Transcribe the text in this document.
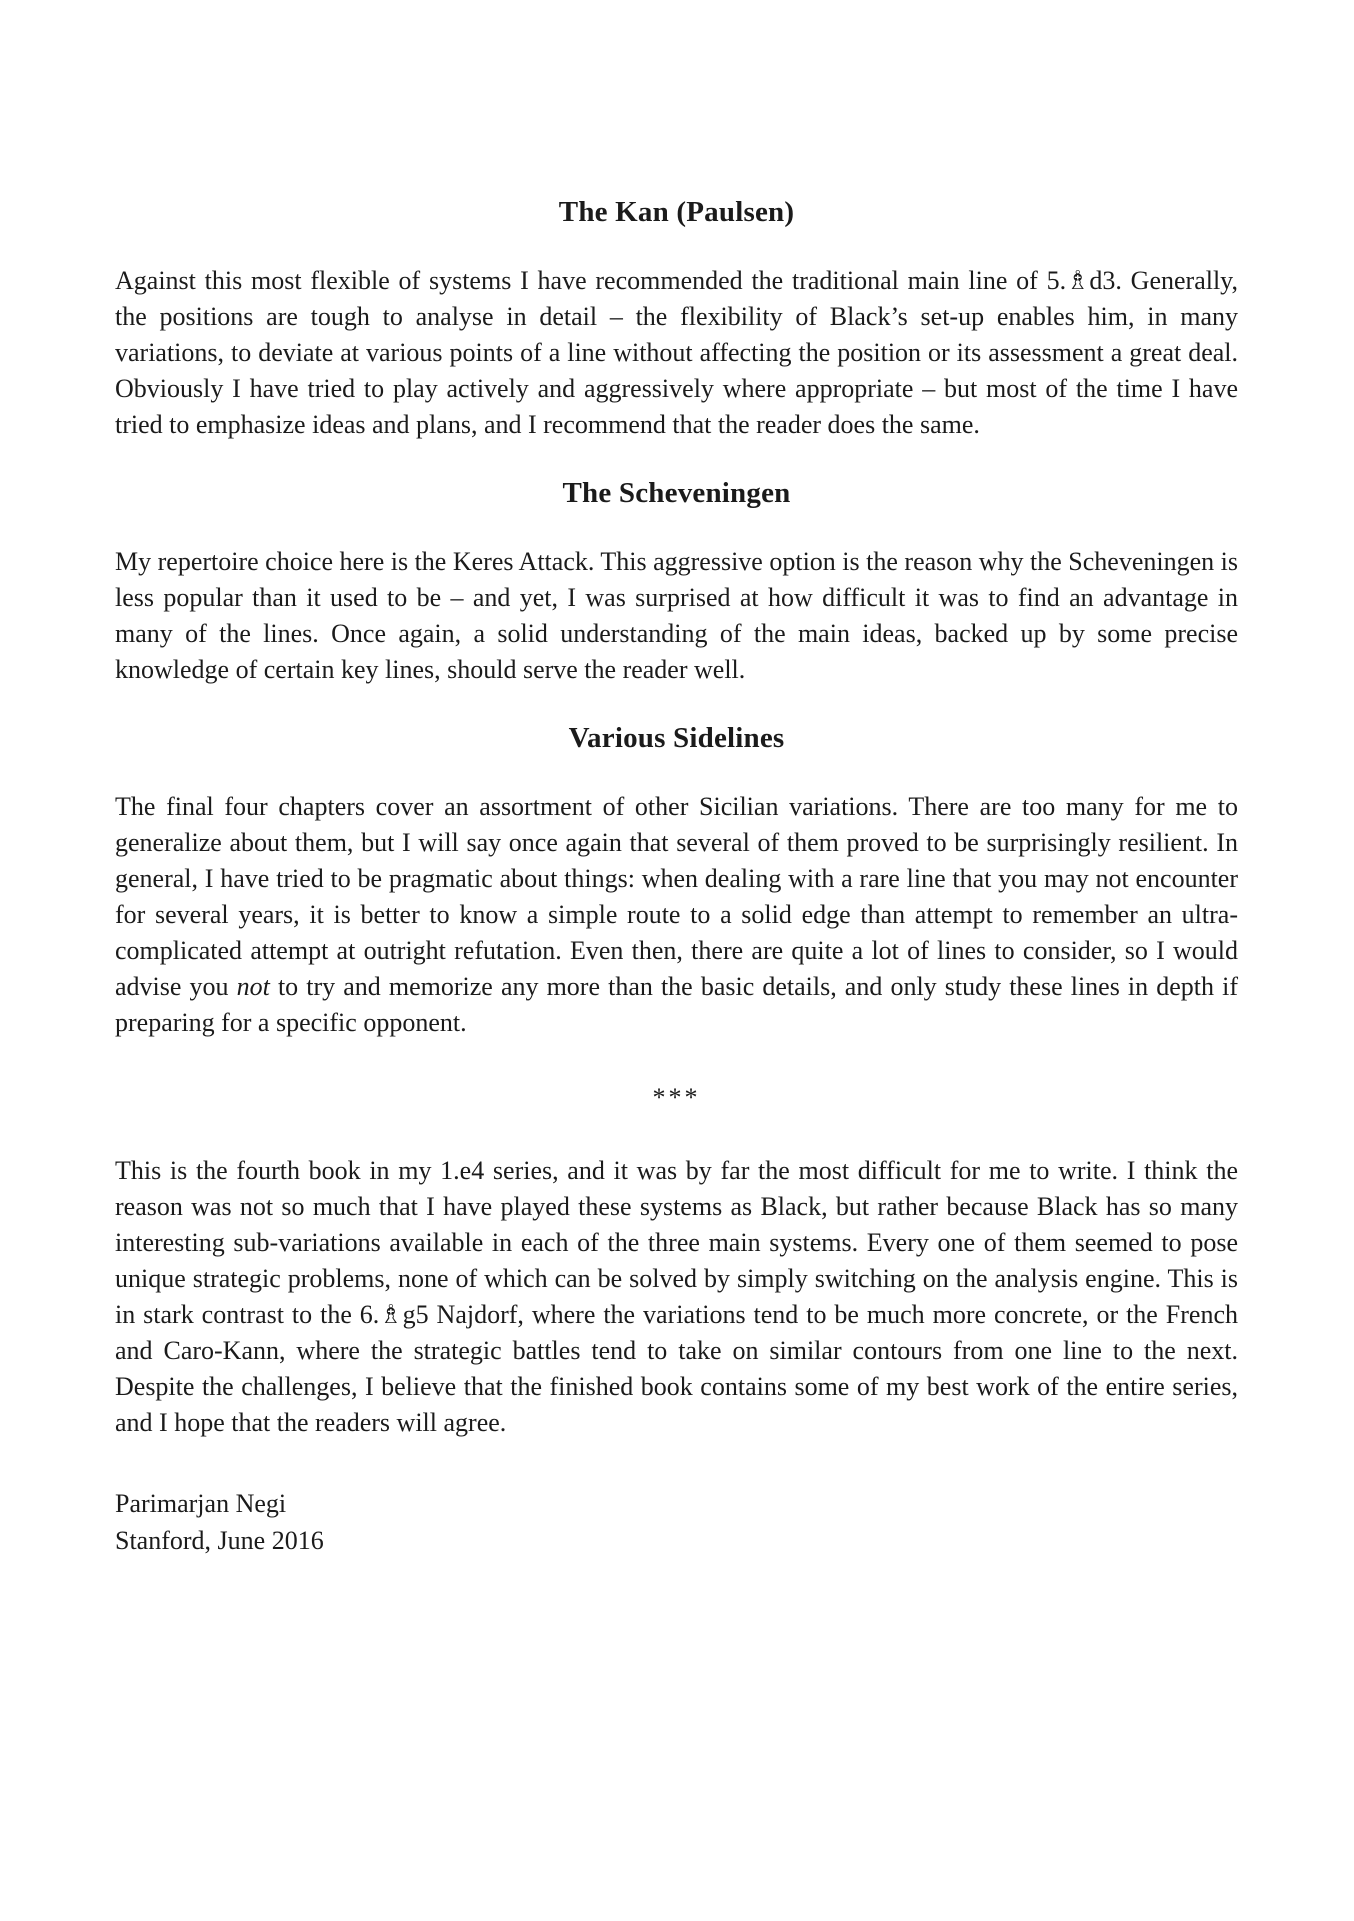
The Kan (Paulsen)

Against this most flexible of systems I have recommended the traditional main line of 5.♗d3. Generally, the positions are tough to analyse in detail – the flexibility of Black’s set-up enables him, in many variations, to deviate at various points of a line without affecting the position or its assessment a great deal. Obviously I have tried to play actively and aggressively where appropriate – but most of the time I have tried to emphasize ideas and plans, and I recommend that the reader does the same.

The Scheveningen

My repertoire choice here is the Keres Attack. This aggressive option is the reason why the Scheveningen is less popular than it used to be – and yet, I was surprised at how difficult it was to find an advantage in many of the lines. Once again, a solid understanding of the main ideas, backed up by some precise knowledge of certain key lines, should serve the reader well.

Various Sidelines

The final four chapters cover an assortment of other Sicilian variations. There are too many for me to generalize about them, but I will say once again that several of them proved to be surprisingly resilient. In general, I have tried to be pragmatic about things: when dealing with a rare line that you may not encounter for several years, it is better to know a simple route to a solid edge than attempt to remember an ultra-complicated attempt at outright refutation. Even then, there are quite a lot of lines to consider, so I would advise you not to try and memorize any more than the basic details, and only study these lines in depth if preparing for a specific opponent.

***

This is the fourth book in my 1.e4 series, and it was by far the most difficult for me to write. I think the reason was not so much that I have played these systems as Black, but rather because Black has so many interesting sub-variations available in each of the three main systems. Every one of them seemed to pose unique strategic problems, none of which can be solved by simply switching on the analysis engine. This is in stark contrast to the 6.♗g5 Najdorf, where the variations tend to be much more concrete, or the French and Caro-Kann, where the strategic battles tend to take on similar contours from one line to the next. Despite the challenges, I believe that the finished book contains some of my best work of the entire series, and I hope that the readers will agree.

Parimarjan Negi
Stanford, June 2016
